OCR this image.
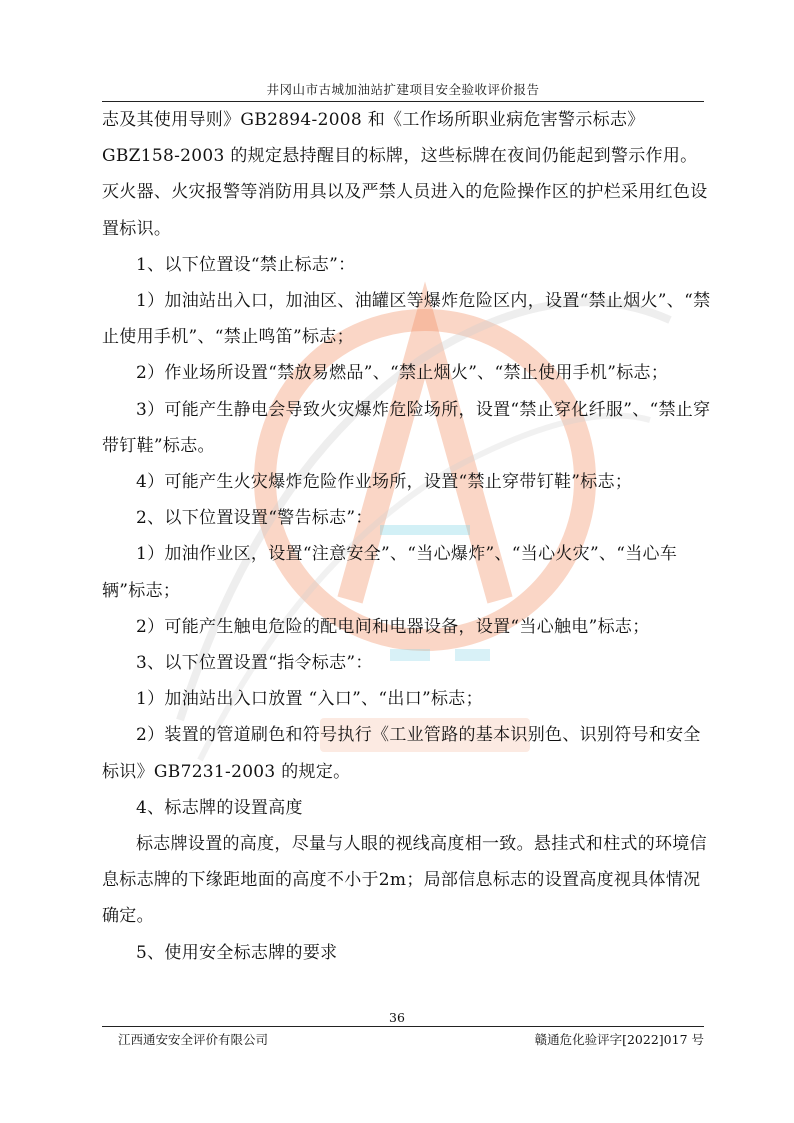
井冈山市古城加油站扩建项目安全验收评价报告

志及其使用导则》GB2894-2008 和《工作场所职业病危害警示标志》GBZ158-2003 的规定悬持醒目的标牌，这些标牌在夜间仍能起到警示作用。灭火器、火灾报警等消防用具以及严禁人员进入的危险操作区的护栏采用红色设置标识。

1、以下位置设“禁止标志”：

1）加油站出入口，加油区、油罐区等爆炸危险区内，设置“禁止烟火”、“禁止使用手机”、“禁止鸣笛”标志；

2）作业场所设置“禁放易燃品”、“禁止烟火”、“禁止使用手机”标志；

3）可能产生静电会导致火灾爆炸危险场所，设置“禁止穿化纤服”、“禁止穿带钉鞋”标志。

4）可能产生火灾爆炸危险作业场所，设置“禁止穿带钉鞋”标志；

2、以下位置设置“警告标志”：

1）加油作业区，设置“注意安全”、“当心爆炸”、“当心火灾”、“当心车辆”标志；

2）可能产生触电危险的配电间和电器设备，设置“当心触电”标志；

3、以下位置设置“指令标志”：

1）加油站出入口放置 “入口”、“出口”标志；

2）装置的管道刷色和符号执行《工业管路的基本识别色、识别符号和安全标识》GB7231-2003 的规定。

4、标志牌的设置高度

标志牌设置的高度，尽量与人眼的视线高度相一致。悬挂式和柱式的环境信息标志牌的下缘距地面的高度不小于2m；局部信息标志的设置高度视具体情况确定。

5、使用安全标志牌的要求

36
江西通安安全评价有限公司	赣通危化验评字[2022]017 号
